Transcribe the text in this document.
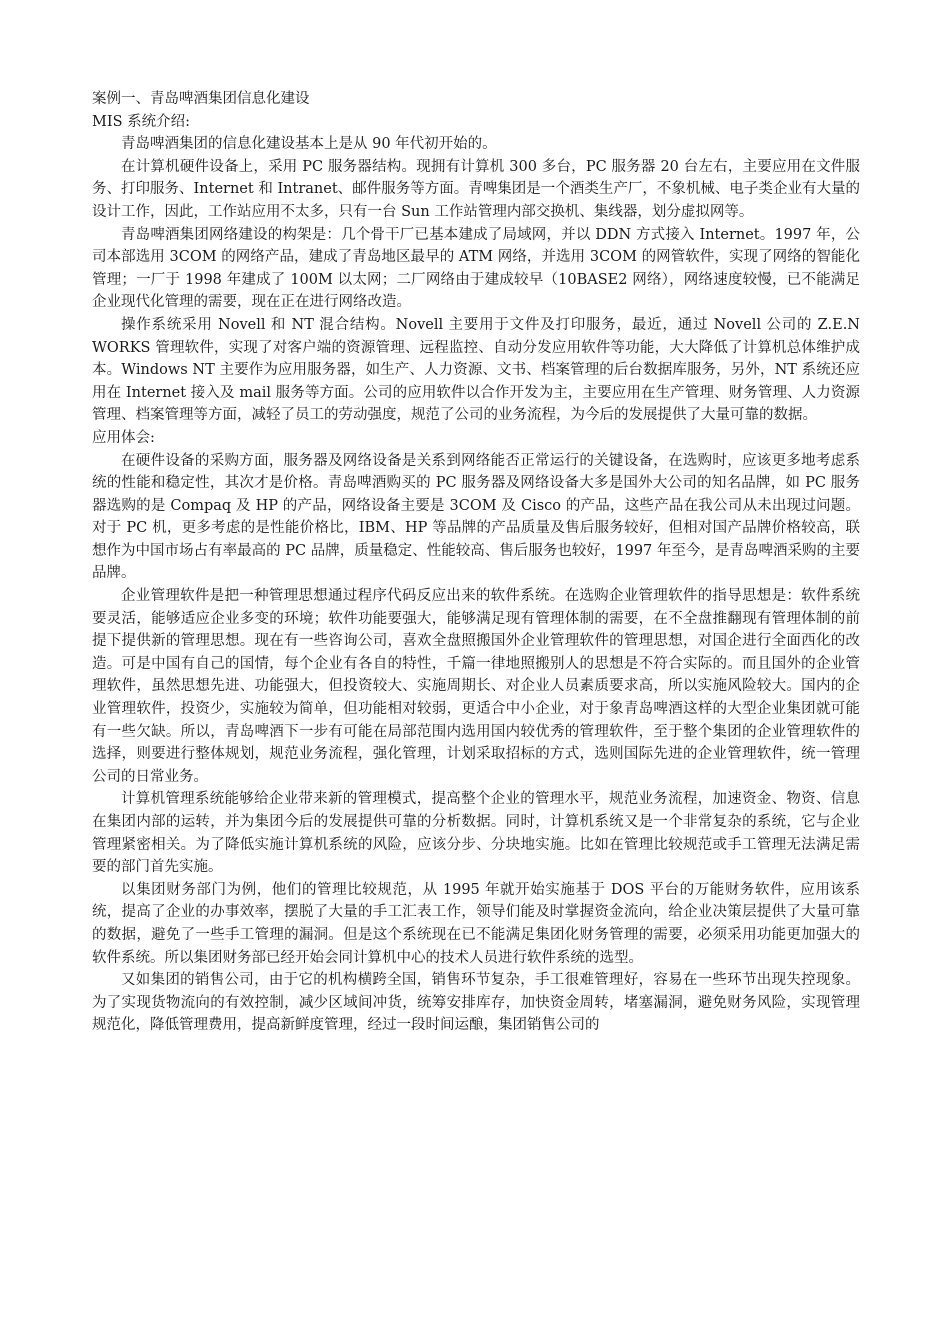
案例一、青岛啤酒集团信息化建设

MIS 系统介绍:

青岛啤酒集团的信息化建设基本上是从 90 年代初开始的。

在计算机硬件设备上，采用 PC 服务器结构。现拥有计算机 300 多台，PC 服务器 20 台左右，主要应用在文件服务、打印服务、Internet 和 Intranet、邮件服务等方面。青啤集团是一个酒类生产厂，不象机械、电子类企业有大量的设计工作，因此，工作站应用不太多，只有一台 Sun 工作站管理内部交换机、集线器，划分虚拟网等。

青岛啤酒集团网络建设的构架是：几个骨干厂已基本建成了局域网，并以 DDN 方式接入 Internet。1997 年，公司本部选用 3COM 的网络产品，建成了青岛地区最早的 ATM 网络，并选用 3COM 的网管软件，实现了网络的智能化管理；一厂于 1998 年建成了 100M 以太网；二厂网络由于建成较早（10BASE2 网络），网络速度较慢，已不能满足企业现代化管理的需要，现在正在进行网络改造。

操作系统采用 Novell 和 NT 混合结构。Novell 主要用于文件及打印服务，最近，通过 Novell 公司的 Z.E.N WORKS 管理软件，实现了对客户端的资源管理、远程监控、自动分发应用软件等功能，大大降低了计算机总体维护成本。Windows NT 主要作为应用服务器，如生产、人力资源、文书、档案管理的后台数据库服务，另外，NT 系统还应用在 Internet 接入及 mail 服务等方面。公司的应用软件以合作开发为主，主要应用在生产管理、财务管理、人力资源管理、档案管理等方面，减轻了员工的劳动强度，规范了公司的业务流程，为今后的发展提供了大量可靠的数据。

应用体会:

在硬件设备的采购方面，服务器及网络设备是关系到网络能否正常运行的关键设备，在选购时，应该更多地考虑系统的性能和稳定性，其次才是价格。青岛啤酒购买的 PC 服务器及网络设备大多是国外大公司的知名品牌，如 PC 服务器选购的是 Compaq 及 HP 的产品，网络设备主要是 3COM 及 Cisco 的产品，这些产品在我公司从未出现过问题。对于 PC 机，更多考虑的是性能价格比，IBM、HP 等品牌的产品质量及售后服务较好，但相对国产品牌价格较高，联想作为中国市场占有率最高的 PC 品牌，质量稳定、性能较高、售后服务也较好，1997 年至今，是青岛啤酒采购的主要品牌。

企业管理软件是把一种管理思想通过程序代码反应出来的软件系统。在选购企业管理软件的指导思想是：软件系统要灵活，能够适应企业多变的环境；软件功能要强大，能够满足现有管理体制的需要，在不全盘推翻现有管理体制的前提下提供新的管理思想。现在有一些咨询公司，喜欢全盘照搬国外企业管理软件的管理思想，对国企进行全面西化的改造。可是中国有自己的国情，每个企业有各自的特性，千篇一律地照搬别人的思想是不符合实际的。而且国外的企业管理软件，虽然思想先进、功能强大，但投资较大、实施周期长、对企业人员素质要求高，所以实施风险较大。国内的企业管理软件，投资少，实施较为简单，但功能相对较弱，更适合中小企业，对于象青岛啤酒这样的大型企业集团就可能有一些欠缺。所以，青岛啤酒下一步有可能在局部范围内选用国内较优秀的管理软件，至于整个集团的企业管理软件的选择，则要进行整体规划，规范业务流程，强化管理，计划采取招标的方式，选则国际先进的企业管理软件，统一管理公司的日常业务。

计算机管理系统能够给企业带来新的管理模式，提高整个企业的管理水平，规范业务流程，加速资金、物资、信息在集团内部的运转，并为集团今后的发展提供可靠的分析数据。同时，计算机系统又是一个非常复杂的系统，它与企业管理紧密相关。为了降低实施计算机系统的风险，应该分步、分块地实施。比如在管理比较规范或手工管理无法满足需要的部门首先实施。

以集团财务部门为例，他们的管理比较规范，从 1995 年就开始实施基于 DOS 平台的万能财务软件，应用该系统，提高了企业的办事效率，摆脱了大量的手工汇表工作，领导们能及时掌握资金流向，给企业决策层提供了大量可靠的数据，避免了一些手工管理的漏洞。但是这个系统现在已不能满足集团化财务管理的需要，必须采用功能更加强大的软件系统。所以集团财务部已经开始会同计算机中心的技术人员进行软件系统的选型。

又如集团的销售公司，由于它的机构横跨全国，销售环节复杂，手工很难管理好，容易在一些环节出现失控现象。为了实现货物流向的有效控制，减少区域间冲货，统筹安排库存，加快资金周转，堵塞漏洞，避免财务风险，实现管理规范化，降低管理费用，提高新鲜度管理，经过一段时间运酿，集团销售公司的
